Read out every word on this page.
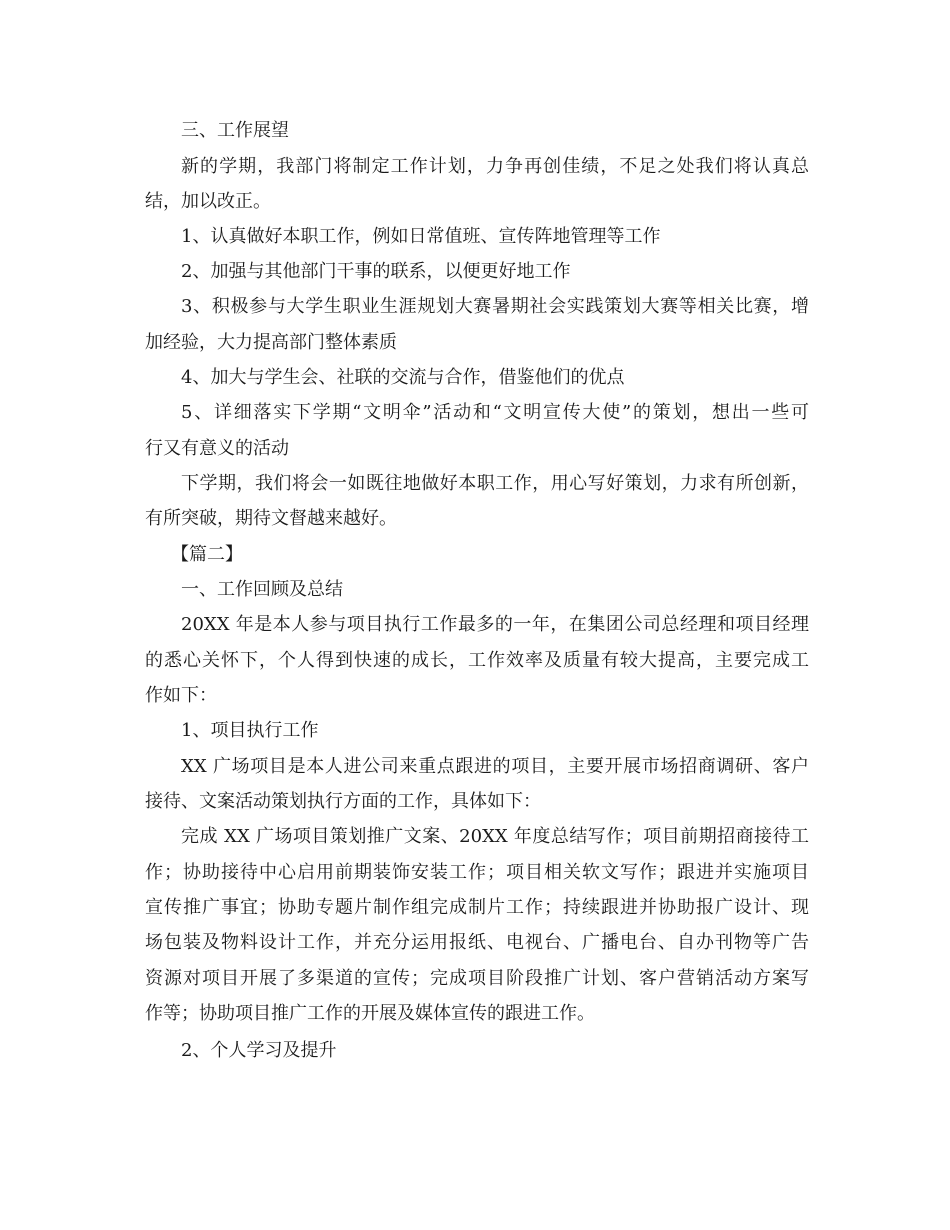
三、工作展望
新的学期，我部门将制定工作计划，力争再创佳绩，不足之处我们将认真总
结，加以改正。
1、认真做好本职工作，例如日常值班、宣传阵地管理等工作
2、加强与其他部门干事的联系，以便更好地工作
3、积极参与大学生职业生涯规划大赛暑期社会实践策划大赛等相关比赛，增
加经验，大力提高部门整体素质
4、加大与学生会、社联的交流与合作，借鉴他们的优点
5、详细落实下学期“文明伞”活动和“文明宣传大使”的策划，想出一些可
行又有意义的活动
下学期，我们将会一如既往地做好本职工作，用心写好策划，力求有所创新，
有所突破，期待文督越来越好。
【篇二】
一、工作回顾及总结
20XX 年是本人参与项目执行工作最多的一年，在集团公司总经理和项目经理
的悉心关怀下，个人得到快速的成长，工作效率及质量有较大提高，主要完成工
作如下：
1、项目执行工作
XX 广场项目是本人进公司来重点跟进的项目，主要开展市场招商调研、客户
接待、文案活动策划执行方面的工作，具体如下：
完成 XX 广场项目策划推广文案、20XX 年度总结写作；项目前期招商接待工
作；协助接待中心启用前期装饰安装工作；项目相关软文写作；跟进并实施项目
宣传推广事宜；协助专题片制作组完成制片工作；持续跟进并协助报广设计、现
场包装及物料设计工作，并充分运用报纸、电视台、广播电台、自办刊物等广告
资源对项目开展了多渠道的宣传；完成项目阶段推广计划、客户营销活动方案写
作等；协助项目推广工作的开展及媒体宣传的跟进工作。
2、个人学习及提升
